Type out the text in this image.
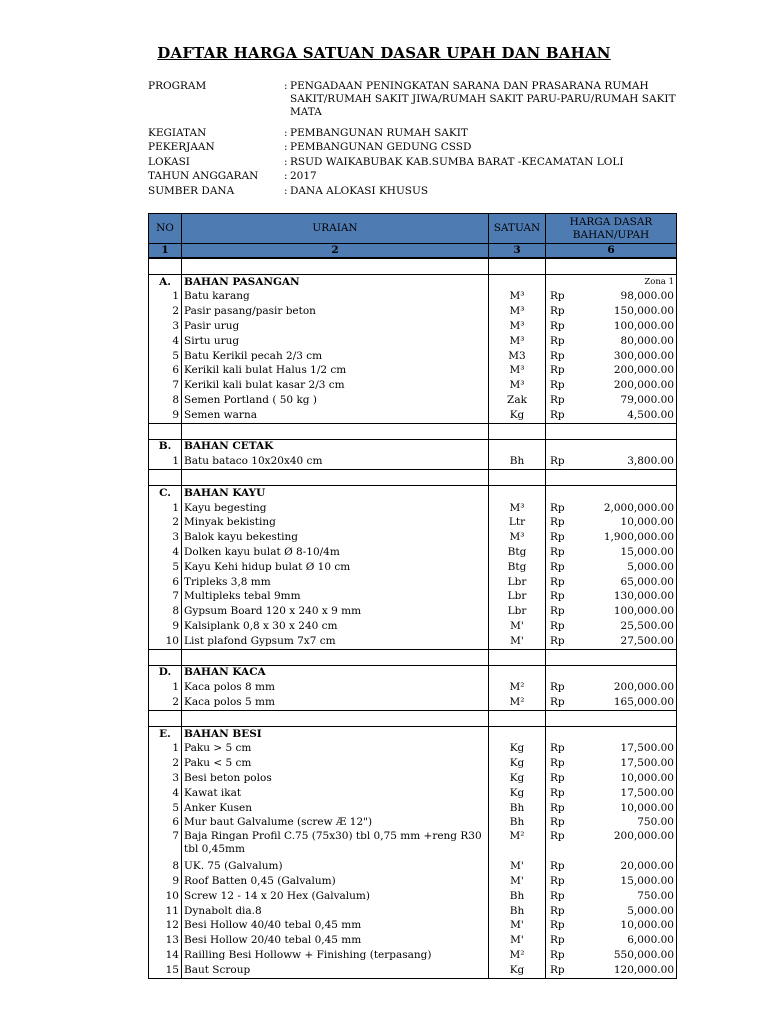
DAFTAR HARGA SATUAN DASAR UPAH DAN BAHAN
PROGRAM	: PENGADAAN PENINGKATAN SARANA DAN PRASARANA RUMAH SAKIT/RUMAH SAKIT JIWA/RUMAH SAKIT PARU-PARU/RUMAH SAKIT MATA
KEGIATAN	: PEMBANGUNAN RUMAH SAKIT
PEKERJAAN	: PEMBANGUNAN GEDUNG CSSD
LOKASI	: RSUD WAIKABUBAK KAB.SUMBA BARAT -KECAMATAN LOLI
TAHUN ANGGARAN	: 2017
SUMBER DANA	: DANA ALOKASI KHUSUS
NO	URAIAN	SATUAN	HARGA DASAR BAHAN/UPAH	
1	2	3	6	

A.	BAHAN PASANGAN			Zona 1
1	Batu karang	M³	Rp	98,000.00
2	Pasir pasang/pasir beton	M³	Rp	150,000.00
3	Pasir urug	M³	Rp	100,000.00
4	Sirtu urug	M³	Rp	80,000.00
5	Batu Kerikil pecah 2/3 cm	M3	Rp	300,000.00
6	Kerikil kali bulat Halus 1/2 cm	M³	Rp	200,000.00
7	Kerikil kali bulat kasar 2/3 cm	M³	Rp	200,000.00
8	Semen Portland ( 50 kg )	Zak	Rp	79,000.00
9	Semen warna	Kg	Rp	4,500.00

B.	BAHAN CETAK			
1	Batu bataco 10x20x40 cm	Bh	Rp	3,800.00

C.	BAHAN KAYU			
1	Kayu begesting	M³	Rp	2,000,000.00
2	Minyak bekisting	Ltr	Rp	10,000.00
3	Balok kayu bekesting	M³	Rp	1,900,000.00
4	Dolken kayu bulat Ø 8-10/4m	Btg	Rp	15,000.00
5	Kayu Kehi hidup bulat Ø 10 cm	Btg	Rp	5,000.00
6	Tripleks 3,8 mm	Lbr	Rp	65,000.00
7	Multipleks tebal 9mm	Lbr	Rp	130,000.00
8	Gypsum Board 120 x 240 x 9 mm	Lbr	Rp	100,000.00
9	Kalsiplank 0,8 x 30 x 240 cm	M'	Rp	25,500.00
10	List plafond Gypsum 7x7 cm	M'	Rp	27,500.00

D.	BAHAN KACA			
1	Kaca polos 8 mm	M²	Rp	200,000.00
2	Kaca polos 5 mm	M²	Rp	165,000.00

E.	BAHAN BESI			
1	Paku > 5 cm	Kg	Rp	17,500.00
2	Paku < 5 cm	Kg	Rp	17,500.00
3	Besi beton polos	Kg	Rp	10,000.00
4	Kawat ikat	Kg	Rp	17,500.00
5	Anker Kusen	Bh	Rp	10,000.00
6	Mur baut Galvalume (screw Æ 12")	Bh	Rp	750.00
7	Baja Ringan Profil C.75 (75x30) tbl 0,75 mm +reng R30 tbl 0,45mm	M²	Rp	200,000.00
8	UK. 75 (Galvalum)	M'	Rp	20,000.00
9	Roof Batten 0,45 (Galvalum)	M'	Rp	15,000.00
10	Screw 12 - 14 x 20 Hex (Galvalum)	Bh	Rp	750.00
11	Dynabolt dia.8	Bh	Rp	5,000.00
12	Besi Hollow 40/40 tebal 0,45 mm	M'	Rp	10,000.00
13	Besi Hollow 20/40 tebal 0,45 mm	M'	Rp	6,000.00
14	Railling Besi Holloww + Finishing (terpasang)	M²	Rp	550,000.00
15	Baut Scroup	Kg	Rp	120,000.00
